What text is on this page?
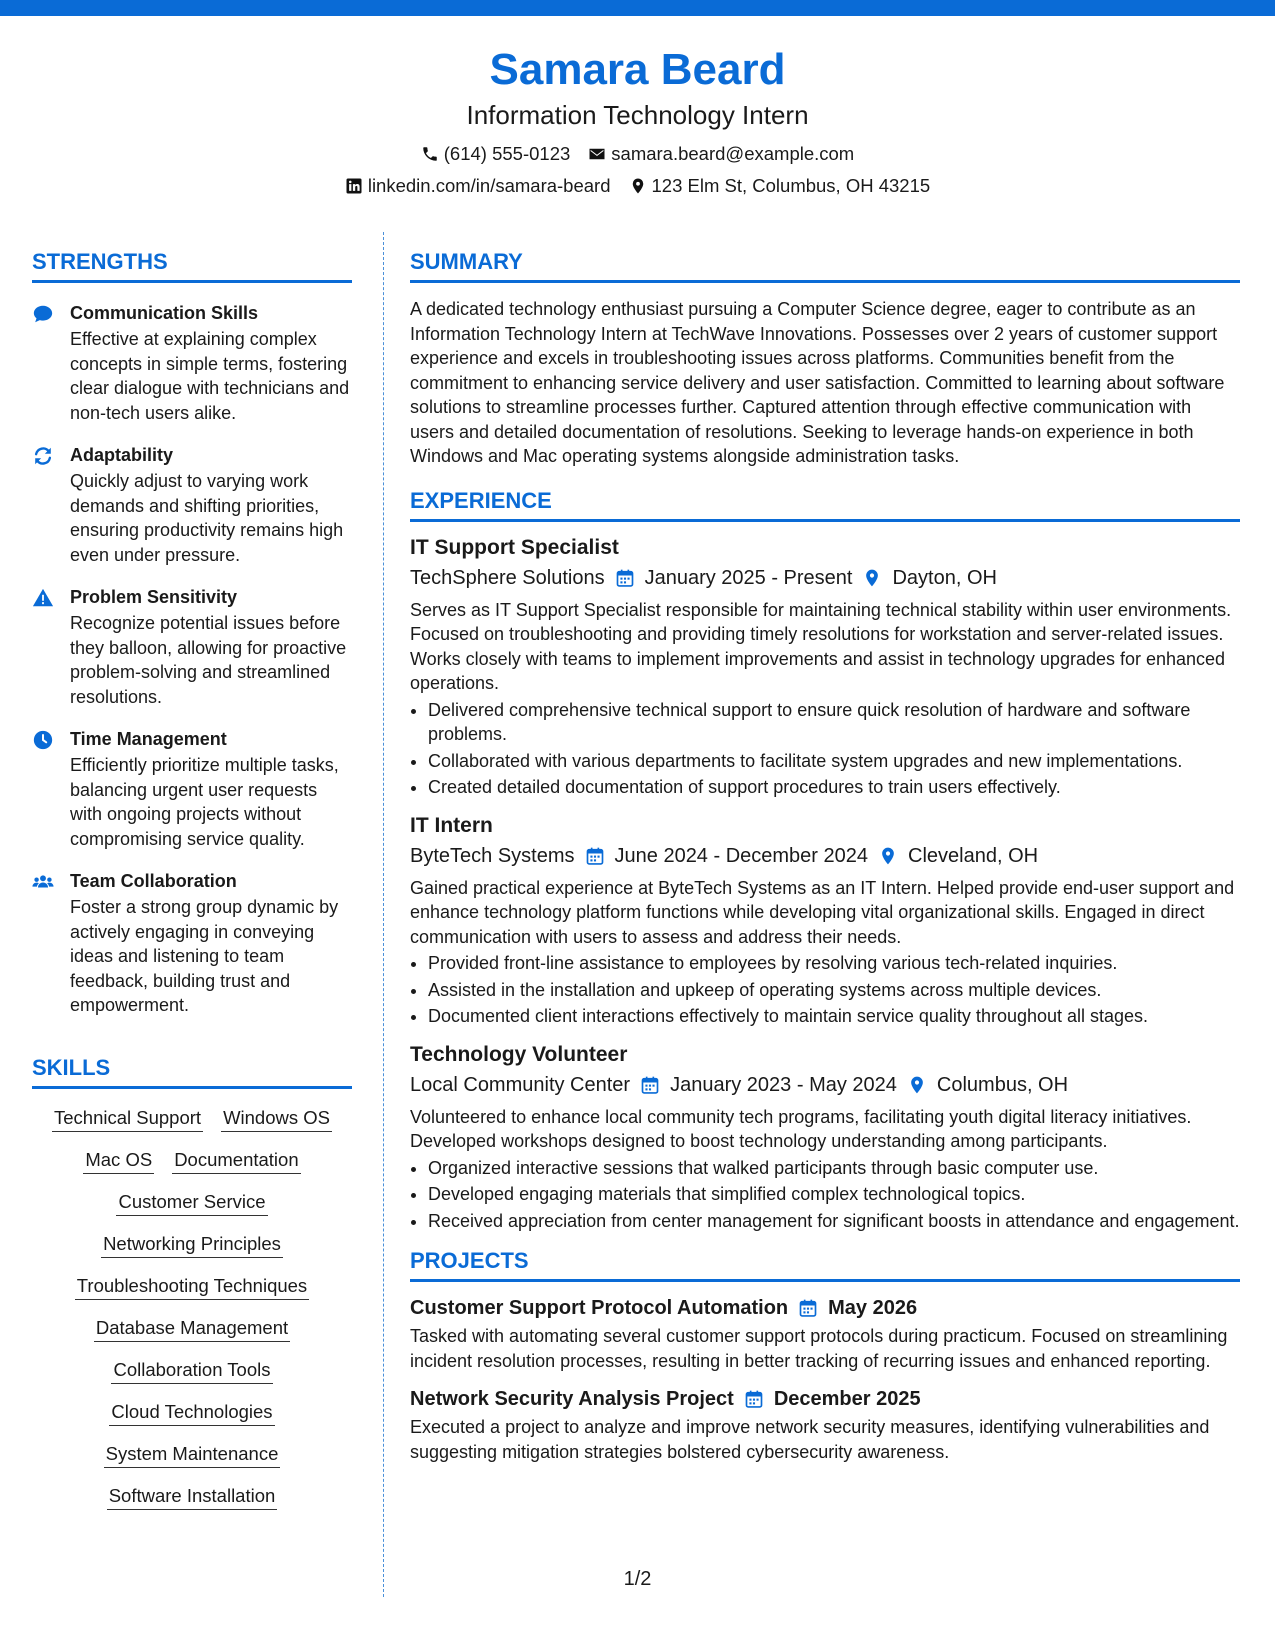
Samara Beard
Information Technology Intern
(614) 555-0123 samara.beard@example.com
linkedin.com/in/samara-beard 123 Elm St, Columbus, OH 43215
STRENGTHS
Communication Skills
Effective at explaining complex concepts in simple terms, fostering clear dialogue with technicians and non-tech users alike.
Adaptability
Quickly adjust to varying work demands and shifting priorities, ensuring productivity remains high even under pressure.
Problem Sensitivity
Recognize potential issues before they balloon, allowing for proactive problem-solving and streamlined resolutions.
Time Management
Efficiently prioritize multiple tasks, balancing urgent user requests with ongoing projects without compromising service quality.
Team Collaboration
Foster a strong group dynamic by actively engaging in conveying ideas and listening to team feedback, building trust and empowerment.
SKILLS
Technical Support Windows OS
Mac OS Documentation
Customer Service
Networking Principles
Troubleshooting Techniques
Database Management
Collaboration Tools
Cloud Technologies
System Maintenance
Software Installation
SUMMARY
A dedicated technology enthusiast pursuing a Computer Science degree, eager to contribute as an Information Technology Intern at TechWave Innovations. Possesses over 2 years of customer support experience and excels in troubleshooting issues across platforms. Communities benefit from the commitment to enhancing service delivery and user satisfaction. Committed to learning about software solutions to streamline processes further. Captured attention through effective communication with users and detailed documentation of resolutions. Seeking to leverage hands-on experience in both Windows and Mac operating systems alongside administration tasks.
EXPERIENCE
IT Support Specialist
TechSphere Solutions January 2025 - Present Dayton, OH
Serves as IT Support Specialist responsible for maintaining technical stability within user environments. Focused on troubleshooting and providing timely resolutions for workstation and server-related issues. Works closely with teams to implement improvements and assist in technology upgrades for enhanced operations.
• Delivered comprehensive technical support to ensure quick resolution of hardware and software problems.
• Collaborated with various departments to facilitate system upgrades and new implementations.
• Created detailed documentation of support procedures to train users effectively.
IT Intern
ByteTech Systems June 2024 - December 2024 Cleveland, OH
Gained practical experience at ByteTech Systems as an IT Intern. Helped provide end-user support and enhance technology platform functions while developing vital organizational skills. Engaged in direct communication with users to assess and address their needs.
• Provided front-line assistance to employees by resolving various tech-related inquiries.
• Assisted in the installation and upkeep of operating systems across multiple devices.
• Documented client interactions effectively to maintain service quality throughout all stages.
Technology Volunteer
Local Community Center January 2023 - May 2024 Columbus, OH
Volunteered to enhance local community tech programs, facilitating youth digital literacy initiatives. Developed workshops designed to boost technology understanding among participants.
• Organized interactive sessions that walked participants through basic computer use.
• Developed engaging materials that simplified complex technological topics.
• Received appreciation from center management for significant boosts in attendance and engagement.
PROJECTS
Customer Support Protocol Automation May 2026
Tasked with automating several customer support protocols during practicum. Focused on streamlining incident resolution processes, resulting in better tracking of recurring issues and enhanced reporting.
Network Security Analysis Project December 2025
Executed a project to analyze and improve network security measures, identifying vulnerabilities and suggesting mitigation strategies bolstered cybersecurity awareness.
1/2
